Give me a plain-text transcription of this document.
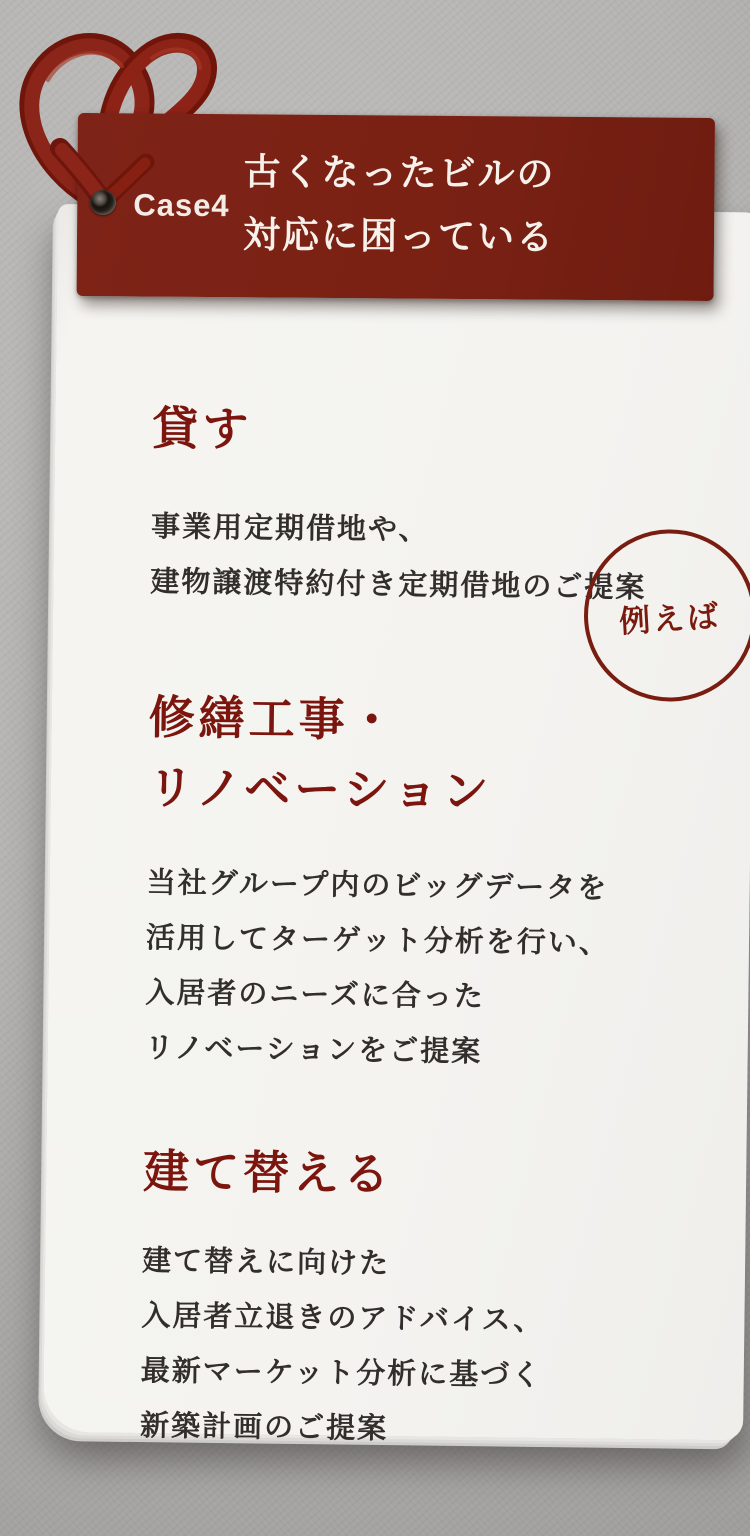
例えば
貸す

事業用定期借地や、
建物譲渡特約付き定期借地のご提案

修繕工事・
リノベーション

当社グループ内のビッグデータを
活用してターゲット分析を行い、
入居者のニーズに合った
リノベーションをご提案

建て替える

建て替えに向けた
入居者立退きのアドバイス、
最新マーケット分析に基づく
新築計画のご提案

Case4
古くなったビルの
対応に困っている
